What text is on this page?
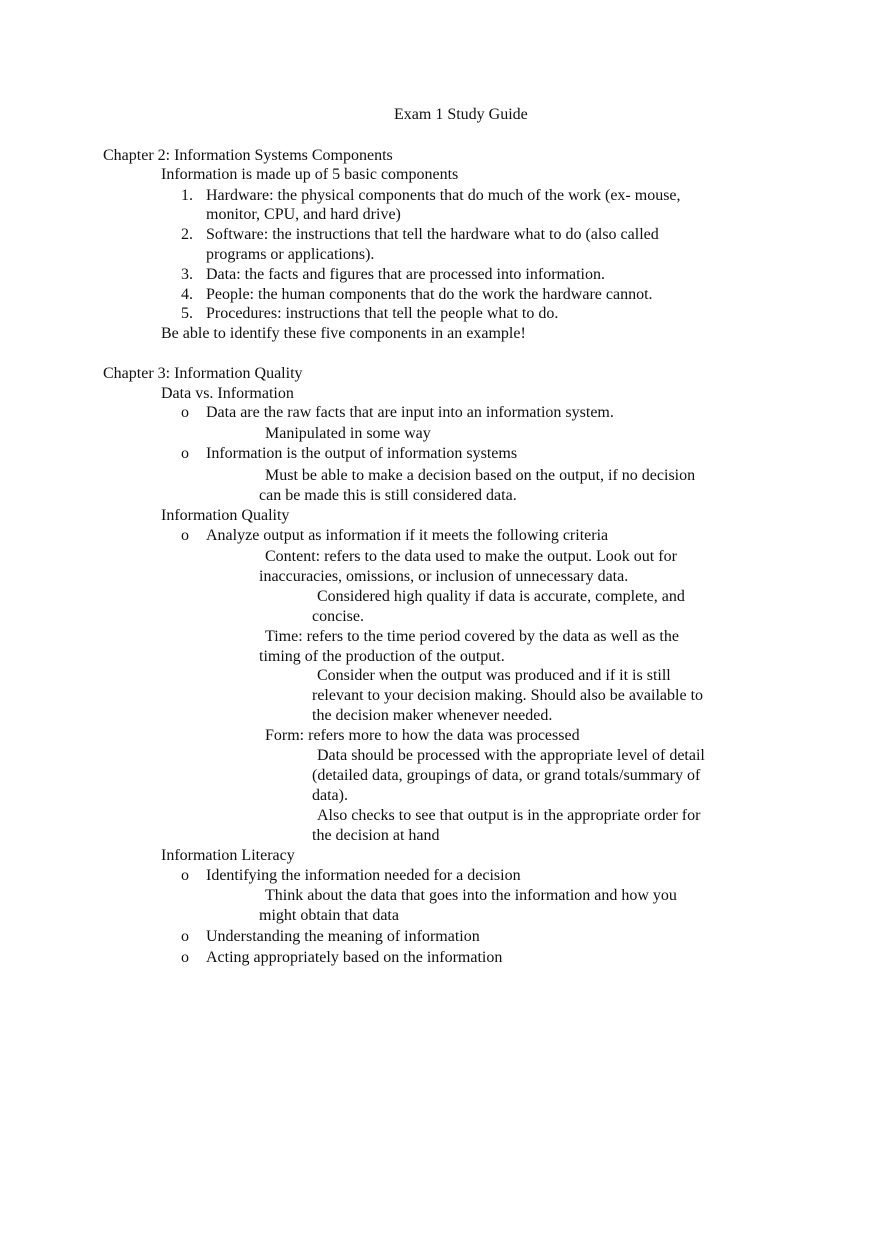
Exam 1 Study Guide
Chapter 2: Information Systems Components
Information is made up of 5 basic components
1. Hardware: the physical components that do much of the work (ex- mouse,
monitor, CPU, and hard drive)
2. Software: the instructions that tell the hardware what to do (also called
programs or applications).
3. Data: the facts and figures that are processed into information.
4. People: the human components that do the work the hardware cannot.
5. Procedures: instructions that tell the people what to do.
Be able to identify these five components in an example!
Chapter 3: Information Quality
Data vs. Information
o Data are the raw facts that are input into an information system.
Manipulated in some way
o Information is the output of information systems
Must be able to make a decision based on the output, if no decision
can be made this is still considered data.
Information Quality
o Analyze output as information if it meets the following criteria
Content: refers to the data used to make the output. Look out for
inaccuracies, omissions, or inclusion of unnecessary data.
Considered high quality if data is accurate, complete, and
concise.
Time: refers to the time period covered by the data as well as the
timing of the production of the output.
Consider when the output was produced and if it is still
relevant to your decision making. Should also be available to
the decision maker whenever needed.
Form: refers more to how the data was processed
Data should be processed with the appropriate level of detail
(detailed data, groupings of data, or grand totals/summary of
data).
Also checks to see that output is in the appropriate order for
the decision at hand
Information Literacy
o Identifying the information needed for a decision
Think about the data that goes into the information and how you
might obtain that data
o Understanding the meaning of information
o Acting appropriately based on the information
